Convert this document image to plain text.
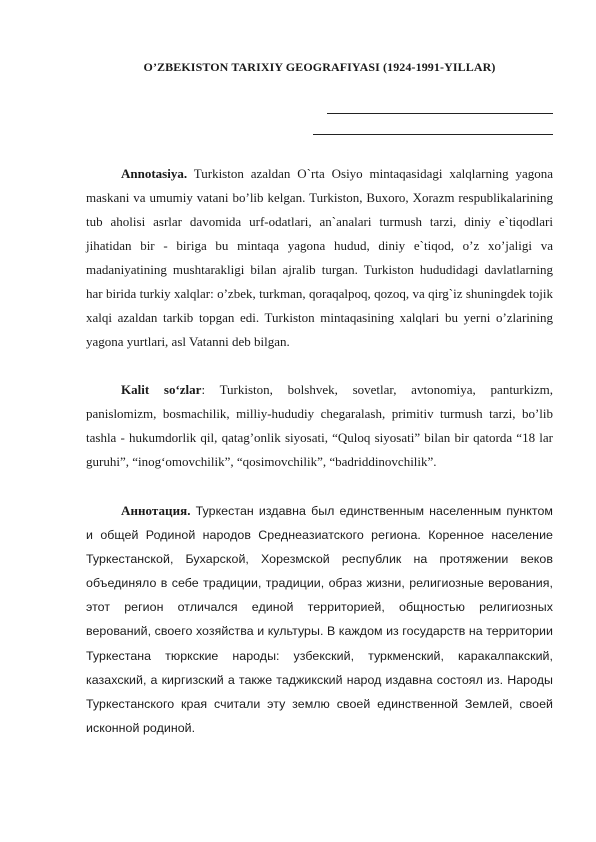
O’ZBEKISTON TARIXIY GEOGRAFIYASI (1924-1991-YILLAR)

Annotasiya. Turkiston azaldan O`rta Osiyo mintaqasidagi xalqlarning yagona maskani va umumiy vatani bo’lib kelgan. Turkiston, Buxoro, Xorazm respublikalarining tub aholisi asrlar davomida urf-odatlari, an`analari turmush tarzi, diniy e`tiqodlari jihatidan bir - biriga bu mintaqa yagona hudud, diniy e`tiqod, o’z xo’jaligi va madaniyatining mushtarakligi bilan ajralib turgan. Turkiston hududidagi davlatlarning har birida turkiy xalqlar: o’zbek, turkman, qoraqalpoq, qozoq, va qirg`iz shuningdek tojik xalqi azaldan tarkib topgan edi. Turkiston mintaqasining xalqlari bu yerni o’zlarining yagona yurtlari, asl Vatanni deb bilgan.

Kalit so‘zlar: Turkiston, bolshvek, sovetlar, avtonomiya, panturkizm, panislomizm, bosmachilik, milliy-hududiy chegaralash, primitiv turmush tarzi, bo’lib tashla - hukumdorlik qil, qatag’onlik siyosati, “Quloq siyosati” bilan bir qatorda “18 lar guruhi”, “inog‘omovchilik”, “qosimovchilik”, “badriddinovchilik”.

Аннотация. Туркестан издавна был единственным населенным пунктом и общей Родиной народов Среднеазиатского региона. Коренное население Туркестанской, Бухарской, Хорезмской республик на протяжении веков объединяло в себе традиции, традиции, образ жизни, религиозные верования, этот регион отличался единой территорией, общностью религиозных верований, своего хозяйства и культуры. В каждом из государств на территории Туркестана тюркские народы: узбекский, туркменский, каракалпакский, казахский, а киргизский а также таджикский народ издавна состоял из. Народы Туркестанского края считали эту землю своей единственной Землей, своей исконной родиной.
